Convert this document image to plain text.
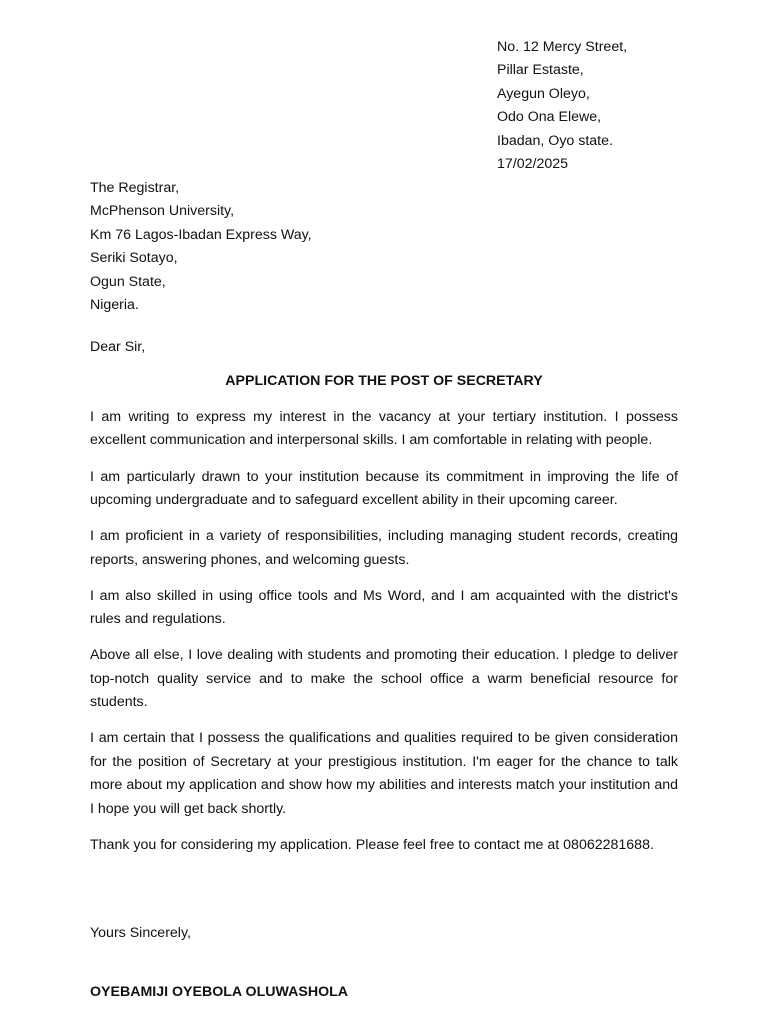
No. 12 Mercy Street,
Pillar Estaste,
Ayegun Oleyo,
Odo Ona Elewe,
Ibadan, Oyo state.
17/02/2025
The Registrar,
McPhenson University,
Km 76 Lagos-Ibadan Express Way,
Seriki Sotayo,
Ogun State,
Nigeria.
Dear Sir,
APPLICATION FOR THE POST OF SECRETARY

I am writing to express my interest in the vacancy at your tertiary institution. I possess excellent communication and interpersonal skills. I am comfortable in relating with people.

I am particularly drawn to your institution because its commitment in improving the life of upcoming undergraduate and to safeguard excellent ability in their upcoming career.

I am proficient in a variety of responsibilities, including managing student records, creating reports, answering phones, and welcoming guests.

I am also skilled in using office tools and Ms Word, and I am acquainted with the district's rules and regulations.

Above all else, I love dealing with students and promoting their education. I pledge to deliver top-notch quality service and to make the school office a warm beneficial resource for students.

I am certain that I possess the qualifications and qualities required to be given consideration for the position of Secretary at your prestigious institution. I'm eager for the chance to talk more about my application and show how my abilities and interests match your institution and I hope you will get back shortly.

Thank you for considering my application. Please feel free to contact me at 08062281688.

Yours Sincerely,
OYEBAMIJI OYEBOLA OLUWASHOLA
